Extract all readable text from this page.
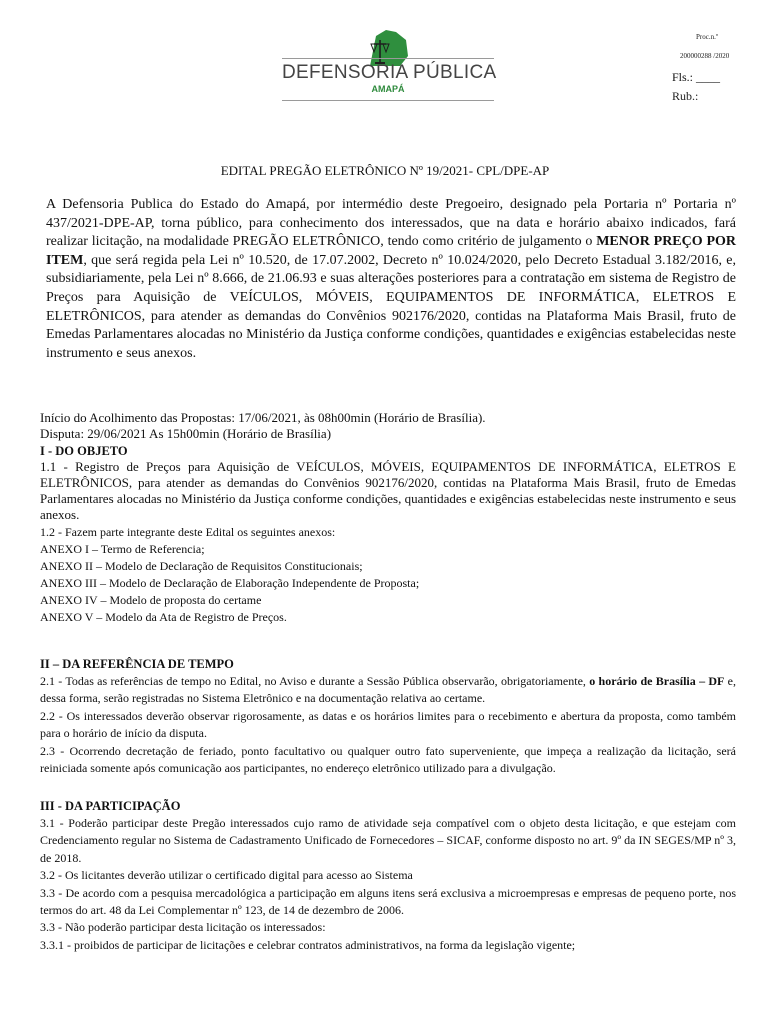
DEFENSORIA PÚBLICA
AMAPÁ
Proc.n.º
200000288 /2020
Fls.: ____
Rub.:
EDITAL PREGÃO ELETRÔNICO Nº 19/2021- CPL/DPE-AP
A Defensoria Publica do Estado do Amapá, por intermédio deste Pregoeiro, designado pela Portaria nº Portaria nº 437/2021-DPE-AP, torna público, para conhecimento dos interessados, que na data e horário abaixo indicados, fará realizar licitação, na modalidade PREGÃO ELETRÔNICO, tendo como critério de julgamento o MENOR PREÇO POR ITEM, que será regida pela Lei nº 10.520, de 17.07.2002, Decreto nº 10.024/2020, pelo Decreto Estadual 3.182/2016, e, subsidiariamente, pela Lei nº 8.666, de 21.06.93 e suas alterações posteriores para a contratação em sistema de Registro de Preços para Aquisição de VEÍCULOS, MÓVEIS, EQUIPAMENTOS DE INFORMÁTICA, ELETROS E ELETRÔNICOS, para atender as demandas do Convênios 902176/2020, contidas na Plataforma Mais Brasil, fruto de Emedas Parlamentares alocadas no Ministério da Justiça conforme condições, quantidades e exigências estabelecidas neste instrumento e seus anexos.

Início do Acolhimento das Propostas: 17/06/2021, às 08h00min (Horário de Brasília).

Disputa: 29/06/2021 As 15h00min (Horário de Brasília)

I - DO OBJETO

1.1 - Registro de Preços para Aquisição de VEÍCULOS, MÓVEIS, EQUIPAMENTOS DE INFORMÁTICA, ELETROS E ELETRÔNICOS, para atender as demandas do Convênios 902176/2020, contidas na Plataforma Mais Brasil, fruto de Emedas Parlamentares alocadas no Ministério da Justiça conforme condições, quantidades e exigências estabelecidas neste instrumento e seus anexos.

1.2 - Fazem parte integrante deste Edital os seguintes anexos:

ANEXO I – Termo de Referencia;

ANEXO II – Modelo de Declaração de Requisitos Constitucionais;

ANEXO III – Modelo de Declaração de Elaboração Independente de Proposta;

ANEXO IV – Modelo de proposta do certame

ANEXO V – Modelo da Ata de Registro de Preços.

II – DA REFERÊNCIA DE TEMPO

2.1 - Todas as referências de tempo no Edital, no Aviso e durante a Sessão Pública observarão, obrigatoriamente, o horário de Brasília – DF e, dessa forma, serão registradas no Sistema Eletrônico e na documentação relativa ao certame.

2.2 - Os interessados deverão observar rigorosamente, as datas e os horários limites para o recebimento e abertura da proposta, como também para o horário de início da disputa.

2.3 - Ocorrendo decretação de feriado, ponto facultativo ou qualquer outro fato superveniente, que impeça a realização da licitação, será reiniciada somente após comunicação aos participantes, no endereço eletrônico utilizado para a divulgação.

III - DA PARTICIPAÇÃO

3.1 - Poderão participar deste Pregão interessados cujo ramo de atividade seja compatível com o objeto desta licitação, e que estejam com Credenciamento regular no Sistema de Cadastramento Unificado de Fornecedores – SICAF, conforme disposto no art. 9º da IN SEGES/MP nº 3, de 2018.

3.2 - Os licitantes deverão utilizar o certificado digital para acesso ao Sistema

3.3 - De acordo com a pesquisa mercadológica a participação em alguns itens será exclusiva a microempresas e empresas de pequeno porte, nos termos do art. 48 da Lei Complementar nº 123, de 14 de dezembro de 2006.

3.3 - Não poderão participar desta licitação os interessados:

3.3.1 - proibidos de participar de licitações e celebrar contratos administrativos, na forma da legislação vigente;
